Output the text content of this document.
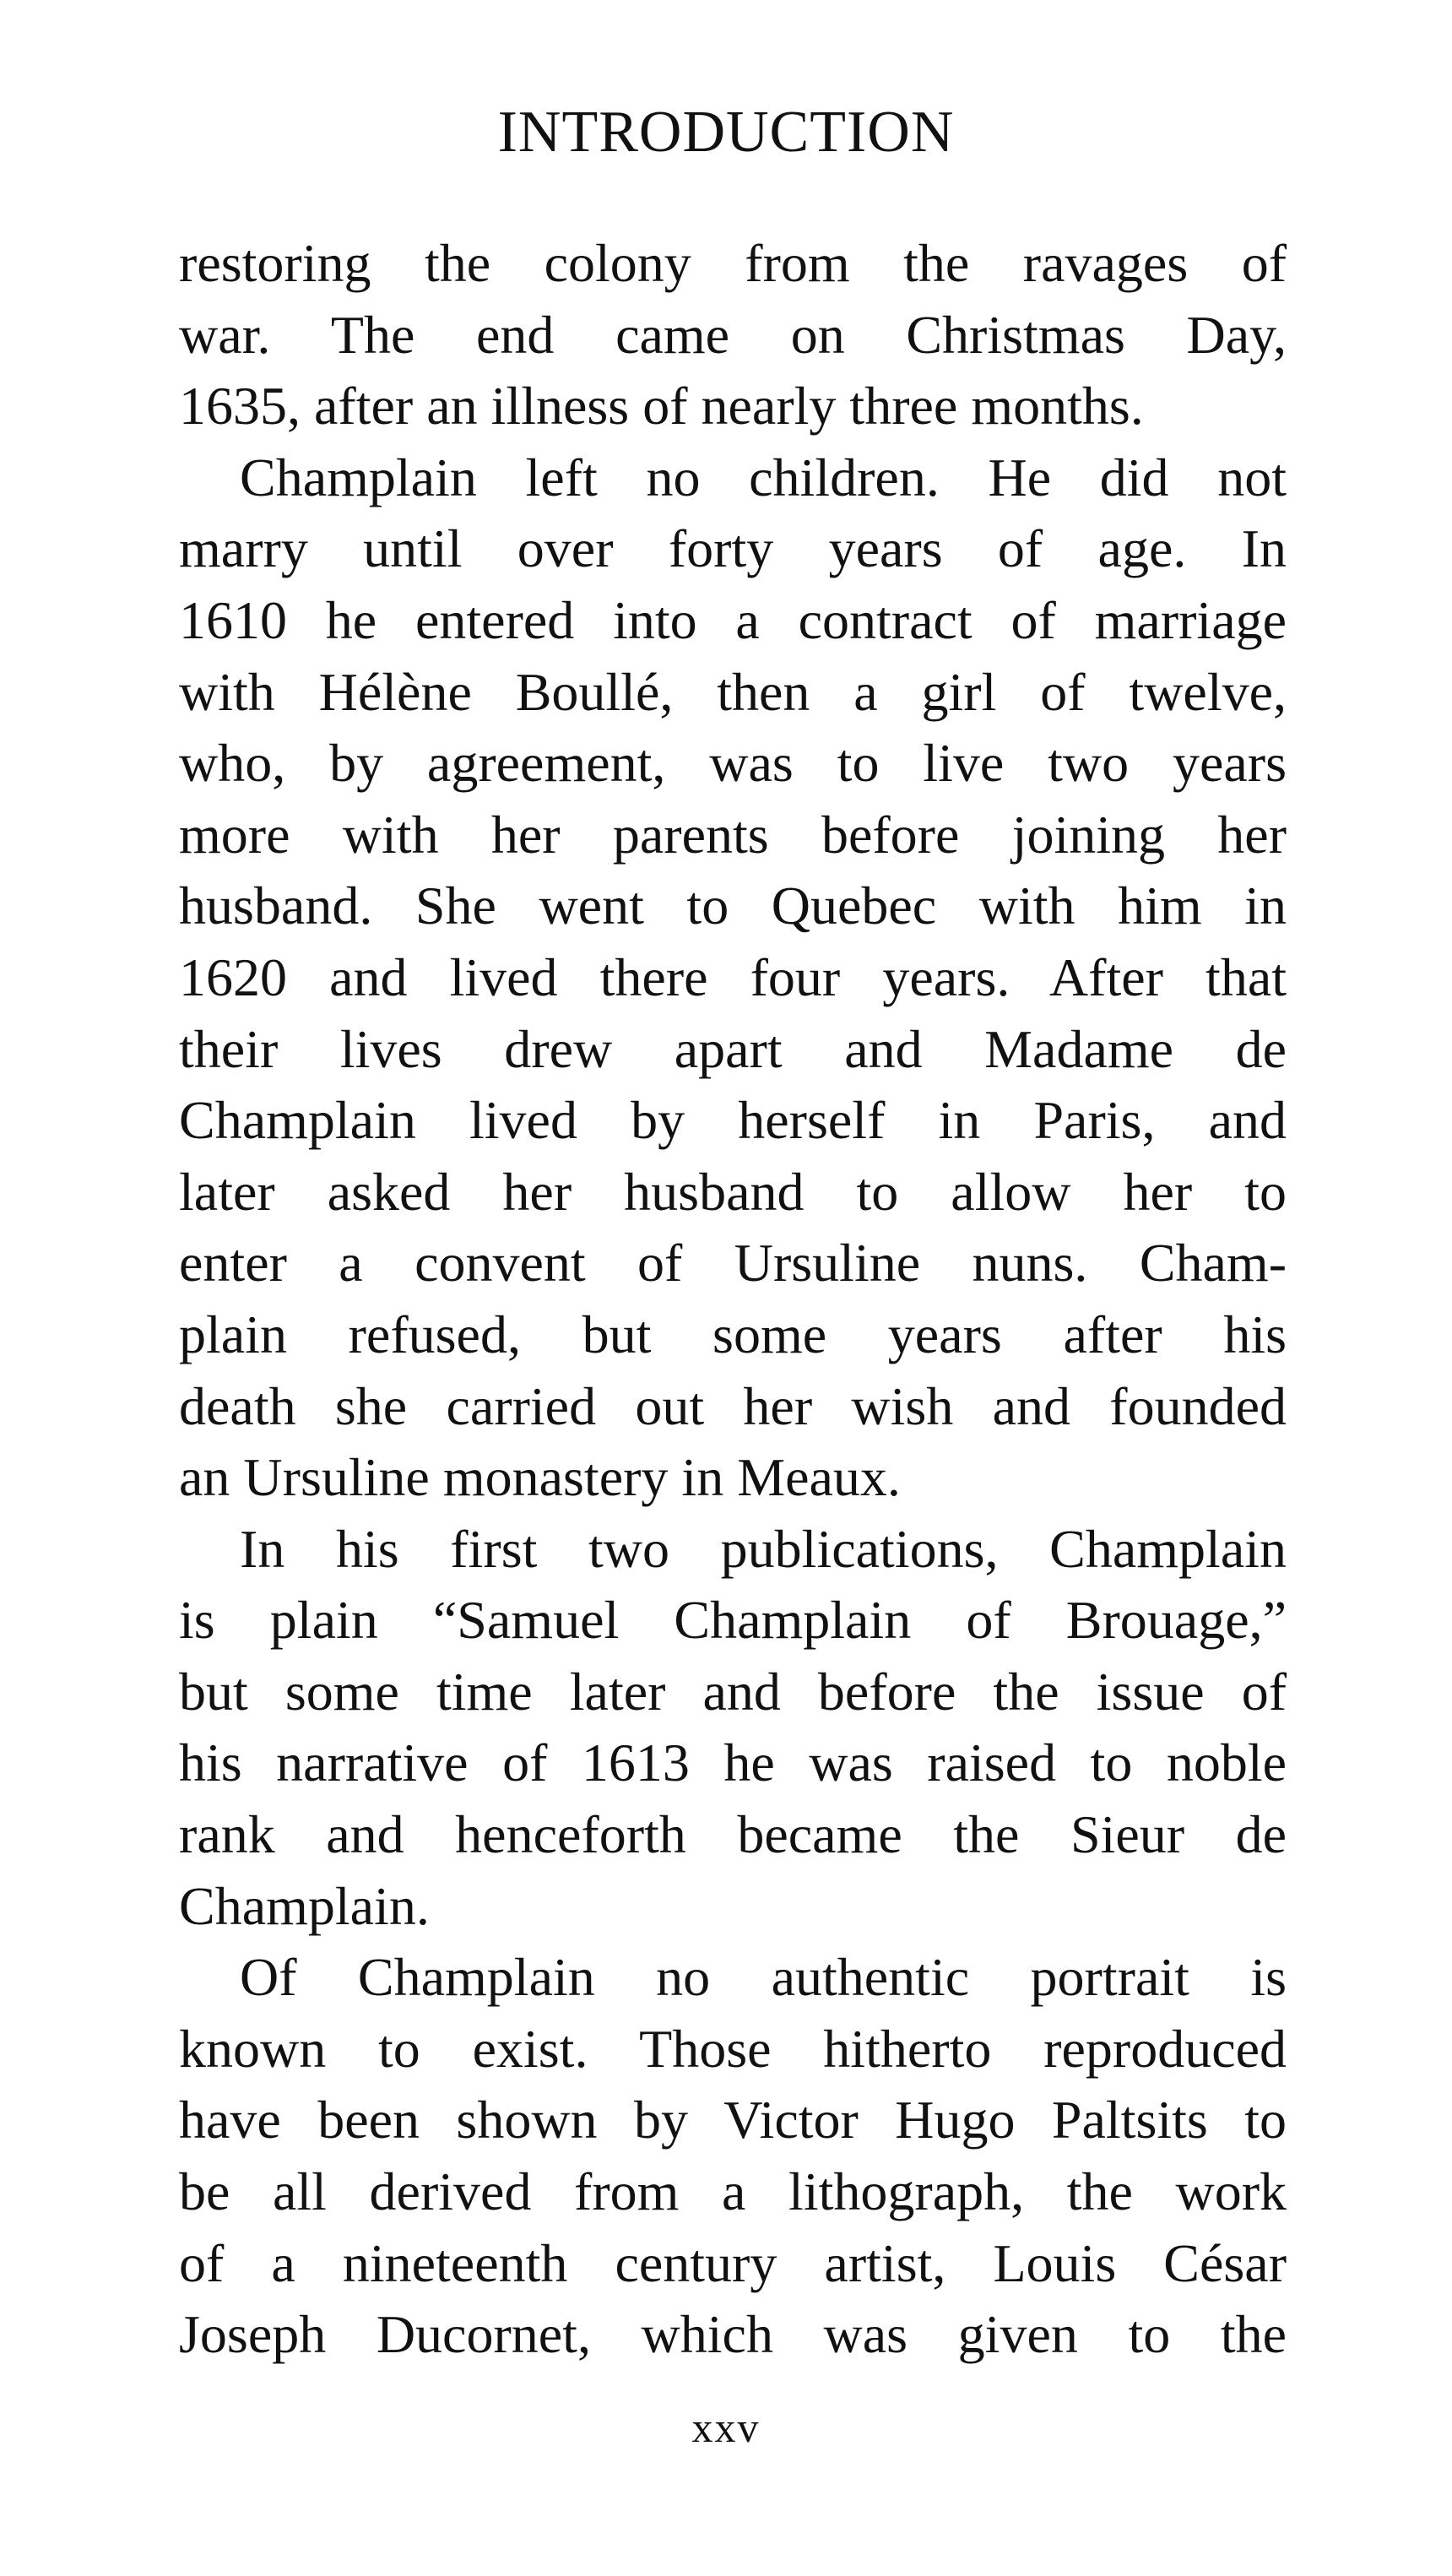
INTRODUCTION
restoring the colony from the ravages of
war. The end came on Christmas Day,
1635, after an illness of nearly three months.
Champlain left no children. He did not
marry until over forty years of age. In
1610 he entered into a contract of marriage
with Hélène Boullé, then a girl of twelve,
who, by agreement, was to live two years
more with her parents before joining her
husband. She went to Quebec with him in
1620 and lived there four years. After that
their lives drew apart and Madame de
Champlain lived by herself in Paris, and
later asked her husband to allow her to
enter a convent of Ursuline nuns. Cham-
plain refused, but some years after his
death she carried out her wish and founded
an Ursuline monastery in Meaux.
In his first two publications, Champlain
is plain “Samuel Champlain of Brouage,”
but some time later and before the issue of
his narrative of 1613 he was raised to noble
rank and henceforth became the Sieur de
Champlain.
Of Champlain no authentic portrait is
known to exist. Those hitherto reproduced
have been shown by Victor Hugo Paltsits to
be all derived from a lithograph, the work
of a nineteenth century artist, Louis César
Joseph Ducornet, which was given to the
xxv
